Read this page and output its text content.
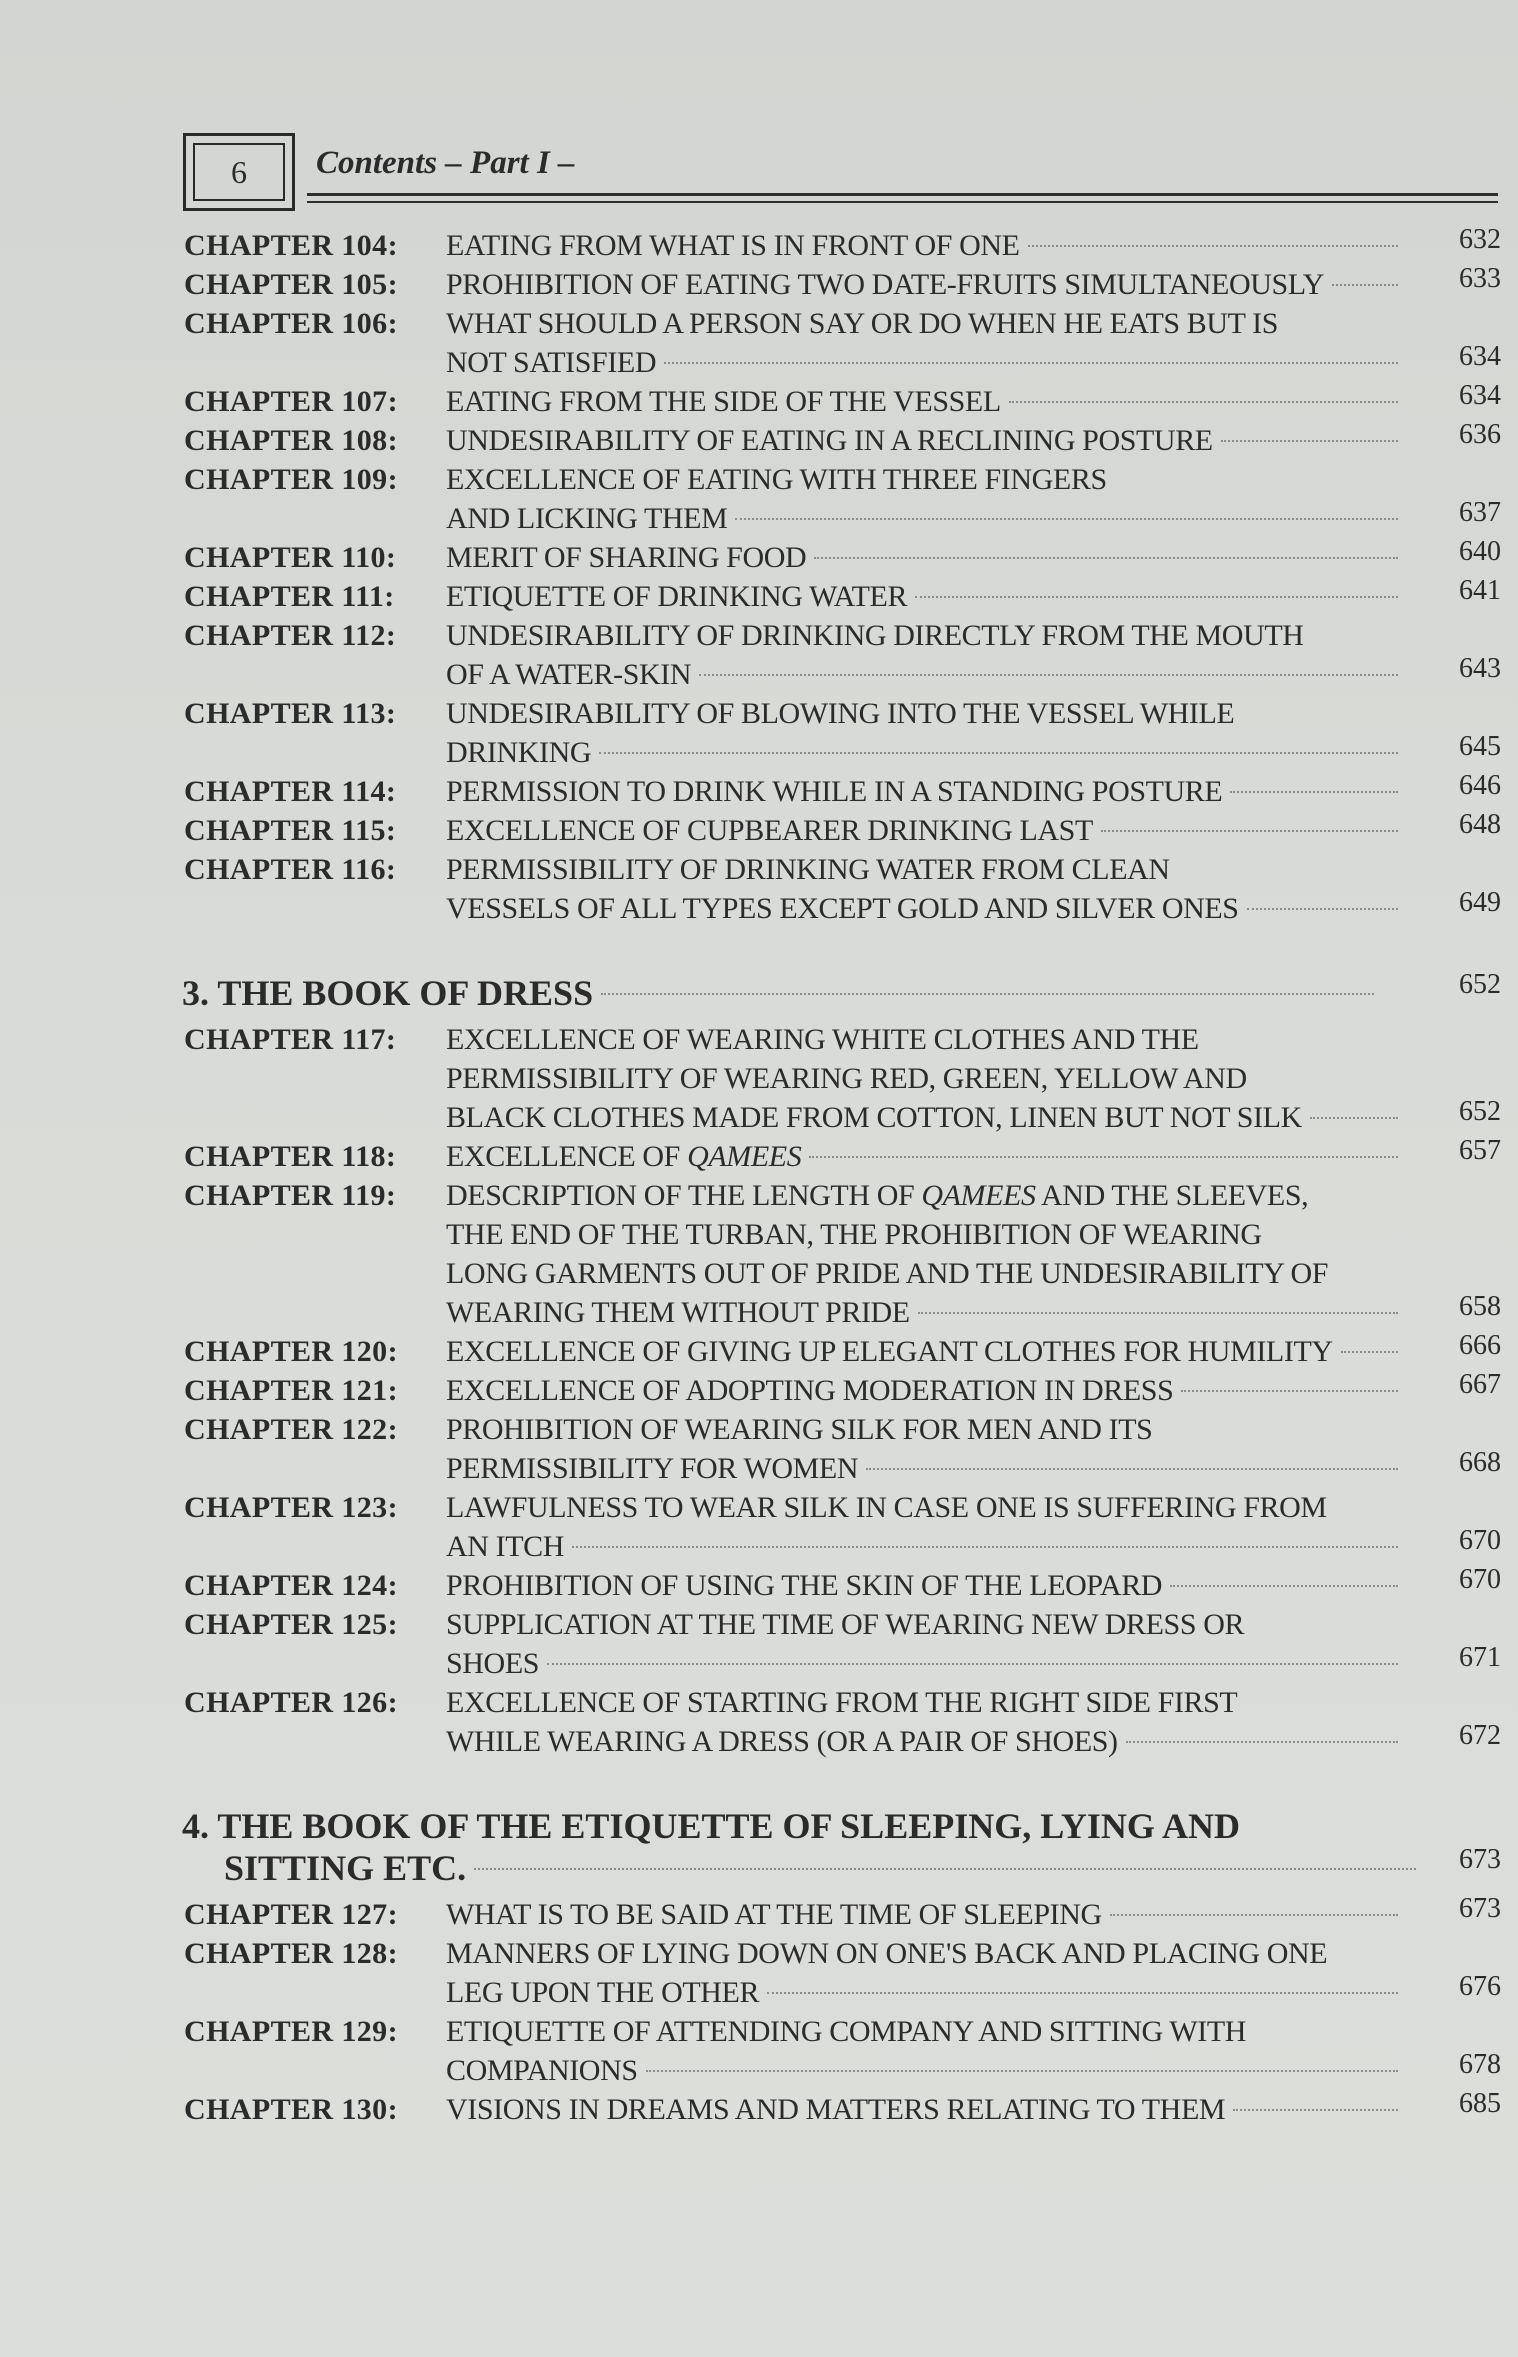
6	Contents – Part I –
CHAPTER 104:	EATING FROM WHAT IS IN FRONT OF ONE	632
CHAPTER 105:	PROHIBITION OF EATING TWO DATE-FRUITS SIMULTANEOUSLY	633
CHAPTER 106:	WHAT SHOULD A PERSON SAY OR DO WHEN HE EATS BUT IS
NOT SATISFIED	634
CHAPTER 107:	EATING FROM THE SIDE OF THE VESSEL	634
CHAPTER 108:	UNDESIRABILITY OF EATING IN A RECLINING POSTURE	636
CHAPTER 109:	EXCELLENCE OF EATING WITH THREE FINGERS
AND LICKING THEM	637
CHAPTER 110:	MERIT OF SHARING FOOD	640
CHAPTER 111:	ETIQUETTE OF DRINKING WATER	641
CHAPTER 112:	UNDESIRABILITY OF DRINKING DIRECTLY FROM THE MOUTH
OF A WATER-SKIN	643
CHAPTER 113:	UNDESIRABILITY OF BLOWING INTO THE VESSEL WHILE
DRINKING	645
CHAPTER 114:	PERMISSION TO DRINK WHILE IN A STANDING POSTURE	646
CHAPTER 115:	EXCELLENCE OF CUPBEARER DRINKING LAST	648
CHAPTER 116:	PERMISSIBILITY OF DRINKING WATER FROM CLEAN
VESSELS OF ALL TYPES EXCEPT GOLD AND SILVER ONES	649
3. THE BOOK OF DRESS	652
CHAPTER 117:	EXCELLENCE OF WEARING WHITE CLOTHES AND THE
PERMISSIBILITY OF WEARING RED, GREEN, YELLOW AND
BLACK CLOTHES MADE FROM COTTON, LINEN BUT NOT SILK	652
CHAPTER 118:	EXCELLENCE OF QAMEES	657
CHAPTER 119:	DESCRIPTION OF THE LENGTH OF QAMEES AND THE SLEEVES,
THE END OF THE TURBAN, THE PROHIBITION OF WEARING
LONG GARMENTS OUT OF PRIDE AND THE UNDESIRABILITY OF
WEARING THEM WITHOUT PRIDE	658
CHAPTER 120:	EXCELLENCE OF GIVING UP ELEGANT CLOTHES FOR HUMILITY	666
CHAPTER 121:	EXCELLENCE OF ADOPTING MODERATION IN DRESS	667
CHAPTER 122:	PROHIBITION OF WEARING SILK FOR MEN AND ITS
PERMISSIBILITY FOR WOMEN	668
CHAPTER 123:	LAWFULNESS TO WEAR SILK IN CASE ONE IS SUFFERING FROM
AN ITCH	670
CHAPTER 124:	PROHIBITION OF USING THE SKIN OF THE LEOPARD	670
CHAPTER 125:	SUPPLICATION AT THE TIME OF WEARING NEW DRESS OR
SHOES	671
CHAPTER 126:	EXCELLENCE OF STARTING FROM THE RIGHT SIDE FIRST
WHILE WEARING A DRESS (OR A PAIR OF SHOES)	672
4. THE BOOK OF THE ETIQUETTE OF SLEEPING, LYING AND
SITTING ETC.	673
CHAPTER 127:	WHAT IS TO BE SAID AT THE TIME OF SLEEPING	673
CHAPTER 128:	MANNERS OF LYING DOWN ON ONE'S BACK AND PLACING ONE
LEG UPON THE OTHER	676
CHAPTER 129:	ETIQUETTE OF ATTENDING COMPANY AND SITTING WITH
COMPANIONS	678
CHAPTER 130:	VISIONS IN DREAMS AND MATTERS RELATING TO THEM	685
